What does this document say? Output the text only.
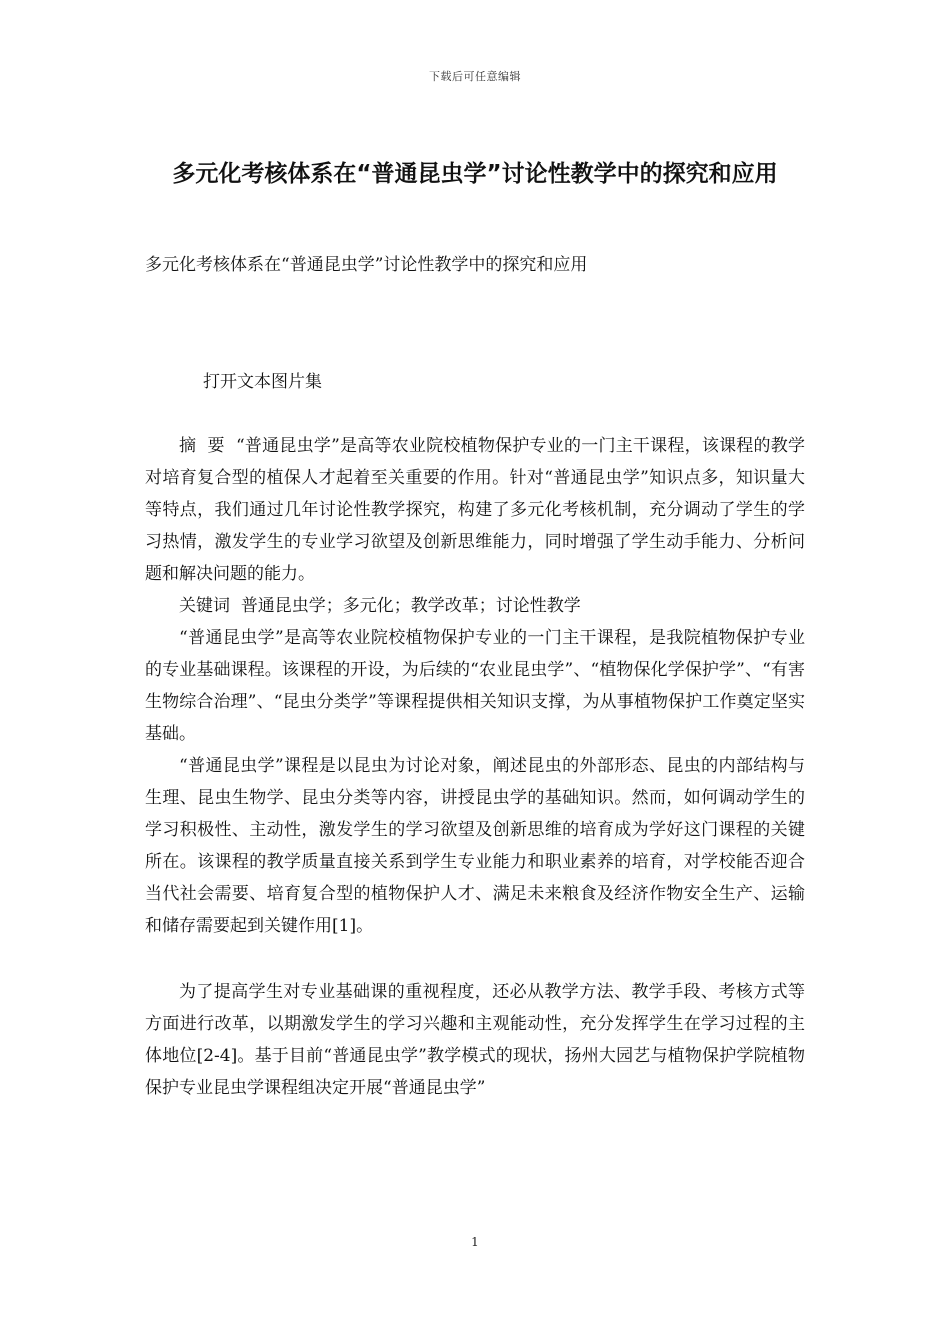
下载后可任意编辑
多元化考核体系在“普通昆虫学”讨论性教学中的探究和应用
多元化考核体系在“普通昆虫学”讨论性教学中的探究和应用
打开文本图片集

摘  要 “普通昆虫学”是高等农业院校植物保护专业的一门主干课程，该课程的教学对培育复合型的植保人才起着至关重要的作用。针对“普通昆虫学”知识点多，知识量大等特点，我们通过几年讨论性教学探究，构建了多元化考核机制，充分调动了学生的学习热情，激发学生的专业学习欲望及创新思维能力，同时增强了学生动手能力、分析问题和解决问题的能力。

关键词 普通昆虫学；多元化；教学改革；讨论性教学

“普通昆虫学”是高等农业院校植物保护专业的一门主干课程，是我院植物保护专业的专业基础课程。该课程的开设，为后续的“农业昆虫学”、“植物保化学保护学”、“有害生物综合治理”、“昆虫分类学”等课程提供相关知识支撑，为从事植物保护工作奠定坚实基础。

“普通昆虫学”课程是以昆虫为讨论对象，阐述昆虫的外部形态、昆虫的内部结构与生理、昆虫生物学、昆虫分类等内容，讲授昆虫学的基础知识。然而，如何调动学生的学习积极性、主动性，激发学生的学习欲望及创新思维的培育成为学好这门课程的关键所在。该课程的教学质量直接关系到学生专业能力和职业素养的培育，对学校能否迎合当代社会需要、培育复合型的植物保护人才、满足未来粮食及经济作物安全生产、运输和储存需要起到关键作用[1]。

为了提高学生对专业基础课的重视程度，还必从教学方法、教学手段、考核方式等方面进行改革，以期激发学生的学习兴趣和主观能动性，充分发挥学生在学习过程的主体地位[2-4]。基于目前“普通昆虫学”教学模式的现状，扬州大园艺与植物保护学院植物保护专业昆虫学课程组决定开展“普通昆虫学”

1
